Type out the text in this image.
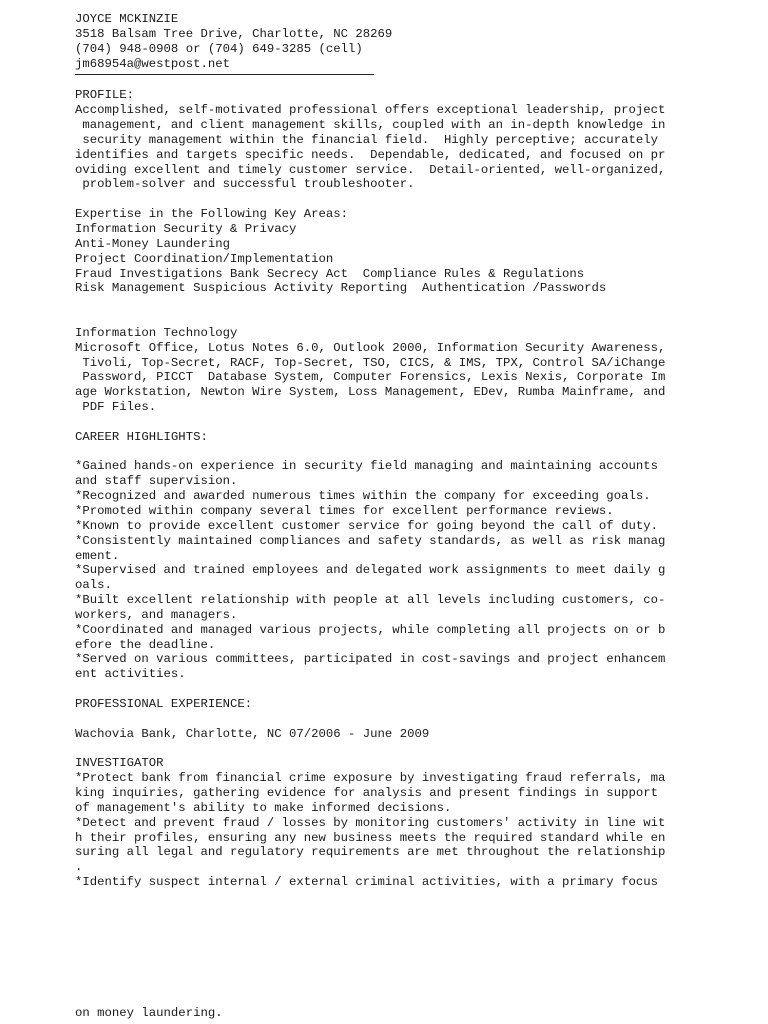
JOYCE MCKINZIE
3518 Balsam Tree Drive, Charlotte, NC 28269
(704) 948-0908 or (704) 649-3285 (cell)
jm68954a@westpost.net
PROFILE:
Accomplished, self-motivated professional offers exceptional leadership, project
management, and client management skills, coupled with an in-depth knowledge in
security management within the financial field.  Highly perceptive; accurately
identifies and targets specific needs.  Dependable, dedicated, and focused on pr
oviding excellent and timely customer service.  Detail-oriented, well-organized,
problem-solver and successful troubleshooter.
Expertise in the Following Key Areas:
Information Security & Privacy
Anti-Money Laundering
Project Coordination/Implementation
Fraud Investigations Bank Secrecy Act  Compliance Rules & Regulations
Risk Management Suspicious Activity Reporting  Authentication /Passwords
Information Technology
Microsoft Office, Lotus Notes 6.0, Outlook 2000, Information Security Awareness,
Tivoli, Top-Secret, RACF, Top-Secret, TSO, CICS, & IMS, TPX, Control SA/iChange
Password, PICCT  Database System, Computer Forensics, Lexis Nexis, Corporate Im
age Workstation, Newton Wire System, Loss Management, EDev, Rumba Mainframe, and
PDF Files.
CAREER HIGHLIGHTS:
*Gained hands-on experience in security field managing and maintaining accounts
and staff supervision.
*Recognized and awarded numerous times within the company for exceeding goals.
*Promoted within company several times for excellent performance reviews.
*Known to provide excellent customer service for going beyond the call of duty.
*Consistently maintained compliances and safety standards, as well as risk manag
ement.
*Supervised and trained employees and delegated work assignments to meet daily g
oals.
*Built excellent relationship with people at all levels including customers, co-
workers, and managers.
*Coordinated and managed various projects, while completing all projects on or b
efore the deadline.
*Served on various committees, participated in cost-savings and project enhancem
ent activities.
PROFESSIONAL EXPERIENCE:
Wachovia Bank, Charlotte, NC 07/2006 - June 2009
INVESTIGATOR
*Protect bank from financial crime exposure by investigating fraud referrals, ma
king inquiries, gathering evidence for analysis and present findings in support
of management's ability to make informed decisions.
*Detect and prevent fraud / losses by monitoring customers' activity in line wit
h their profiles, ensuring any new business meets the required standard while en
suring all legal and regulatory requirements are met throughout the relationship
.
*Identify suspect internal / external criminal activities, with a primary focus
on money laundering.
